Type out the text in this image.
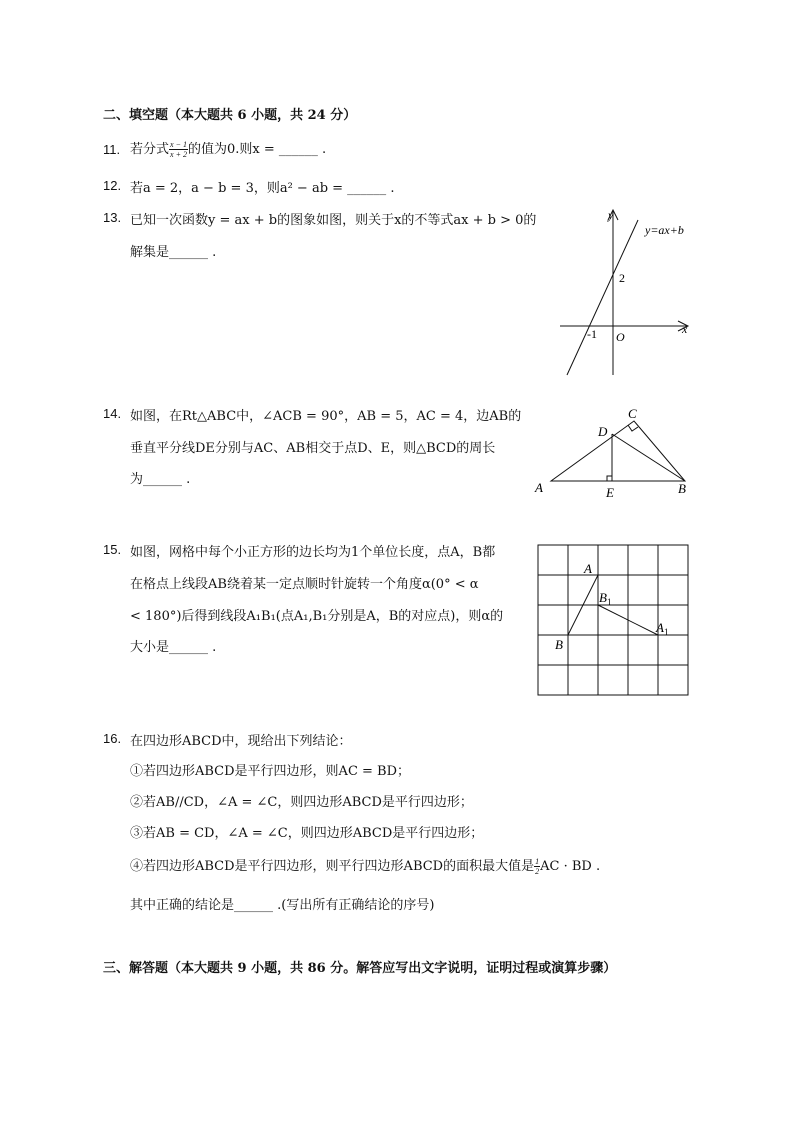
二、填空题（本大题共 6 小题，共 24 分）
11. 若分式 $\frac{x - 1}{x + 2}$ 的值为0.则x = ______ .
12. 若a = 2，a − b = 3，则a² − ab = ______ .
13. 已知一次函数y = ax + b的图象如图，则关于x的不等式ax + b > 0的
解集是______ .
y
x
O
y=ax+b
2
-1
14. 如图，在Rt△ABC中，∠ACB = 90°，AB = 5，AC = 4，边AB的
垂直平分线DE分别与AC、AB相交于点D、E，则△BCD的周长
为______ .
A	B
C
D
E
15. 如图，网格中每个小正方形的边长均为1个单位长度，点A，B都
在格点上线段AB绕着某一定点顺时针旋转一个角度α(0° < α
< 180°)后得到线段A₁B₁(点A₁,B₁分别是A，B的对应点)，则α的
大小是______ .
A
B
$B_1$
$A_1$
16. 在四边形ABCD中，现给出下列结论：
①若四边形ABCD是平行四边形，则AC = BD；
②若AB//CD，∠A = ∠C，则四边形ABCD是平行四边形；
③若AB = CD，∠A = ∠C，则四边形ABCD是平行四边形；
④若四边形ABCD是平行四边形，则平行四边形ABCD的面积最大值是 $\frac{1}{2}$ AC · BD .
其中正确的结论是______ .(写出所有正确结论的序号)
三、解答题（本大题共 9 小题，共 86 分。解答应写出文字说明，证明过程或演算步骤）
